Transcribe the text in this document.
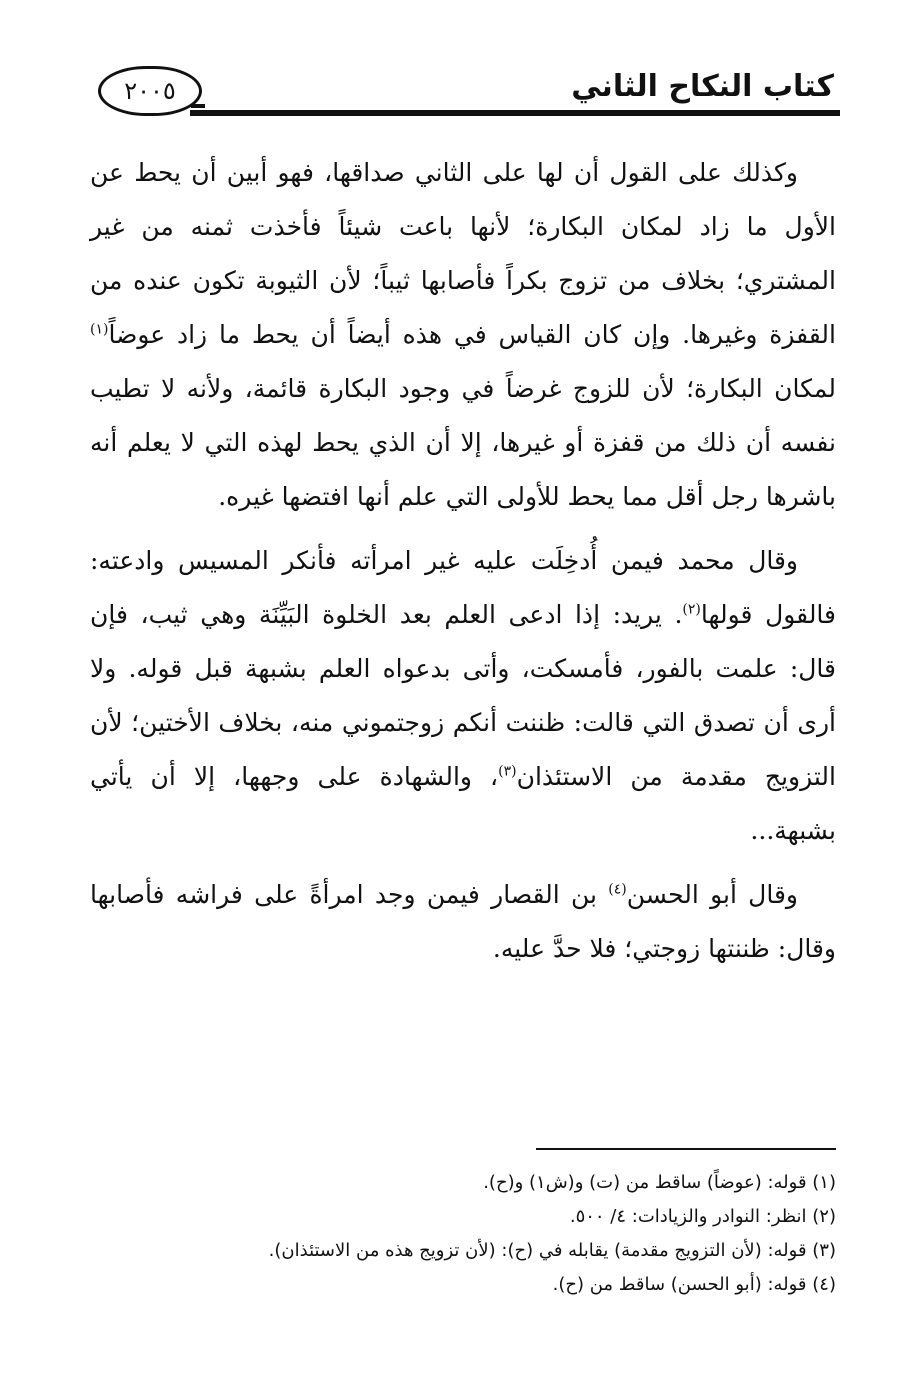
كتاب النكاح الثاني
٢٠٠٥

وكذلك على القول أن لها على الثاني صداقها، فهو أبين أن يحط عن الأول ما زاد لمكان البكارة؛ لأنها باعت شيئاً فأخذت ثمنه من غير المشتري؛ بخلاف من تزوج بكراً فأصابها ثيباً؛ لأن الثيوبة تكون عنده من القفزة وغيرها. وإن كان القياس في هذه أيضاً أن يحط ما زاد عوضاً$^{(١)}$ لمكان البكارة؛ لأن للزوج غرضاً في وجود البكارة قائمة، ولأنه لا تطيب نفسه أن ذلك من قفزة أو غيرها، إلا أن الذي يحط لهذه التي لا يعلم أنه باشرها رجل أقل مما يحط للأولى التي علم أنها افتضها غيره.

وقال محمد فيمن أُدخِلَت عليه غير امرأته فأنكر المسيس وادعته: فالقول قولها$^{(٢)}$. يريد: إذا ادعى العلم بعد الخلوة البَيِّنَة وهي ثيب، فإن قال: علمت بالفور، فأمسكت، وأتى بدعواه العلم بشبهة قبل قوله. ولا أرى أن تصدق التي قالت: ظننت أنكم زوجتموني منه، بخلاف الأختين؛ لأن التزويج مقدمة من الاستئذان$^{(٣)}$، والشهادة على وجهها، إلا أن يأتي بشبهة...

وقال أبو الحسن$^{(٤)}$ بن القصار فيمن وجد امرأةً على فراشه فأصابها وقال: ظننتها زوجتي؛ فلا حدَّ عليه.

(١) قوله: (عوضاً) ساقط من (ت) و(ش١) و(ح).

(٢) انظر: النوادر والزيادات: ٤/ ٥٠٠.

(٣) قوله: (لأن التزويج مقدمة) يقابله في (ح): (لأن تزويج هذه من الاستئذان).

(٤) قوله: (أبو الحسن) ساقط من (ح).
